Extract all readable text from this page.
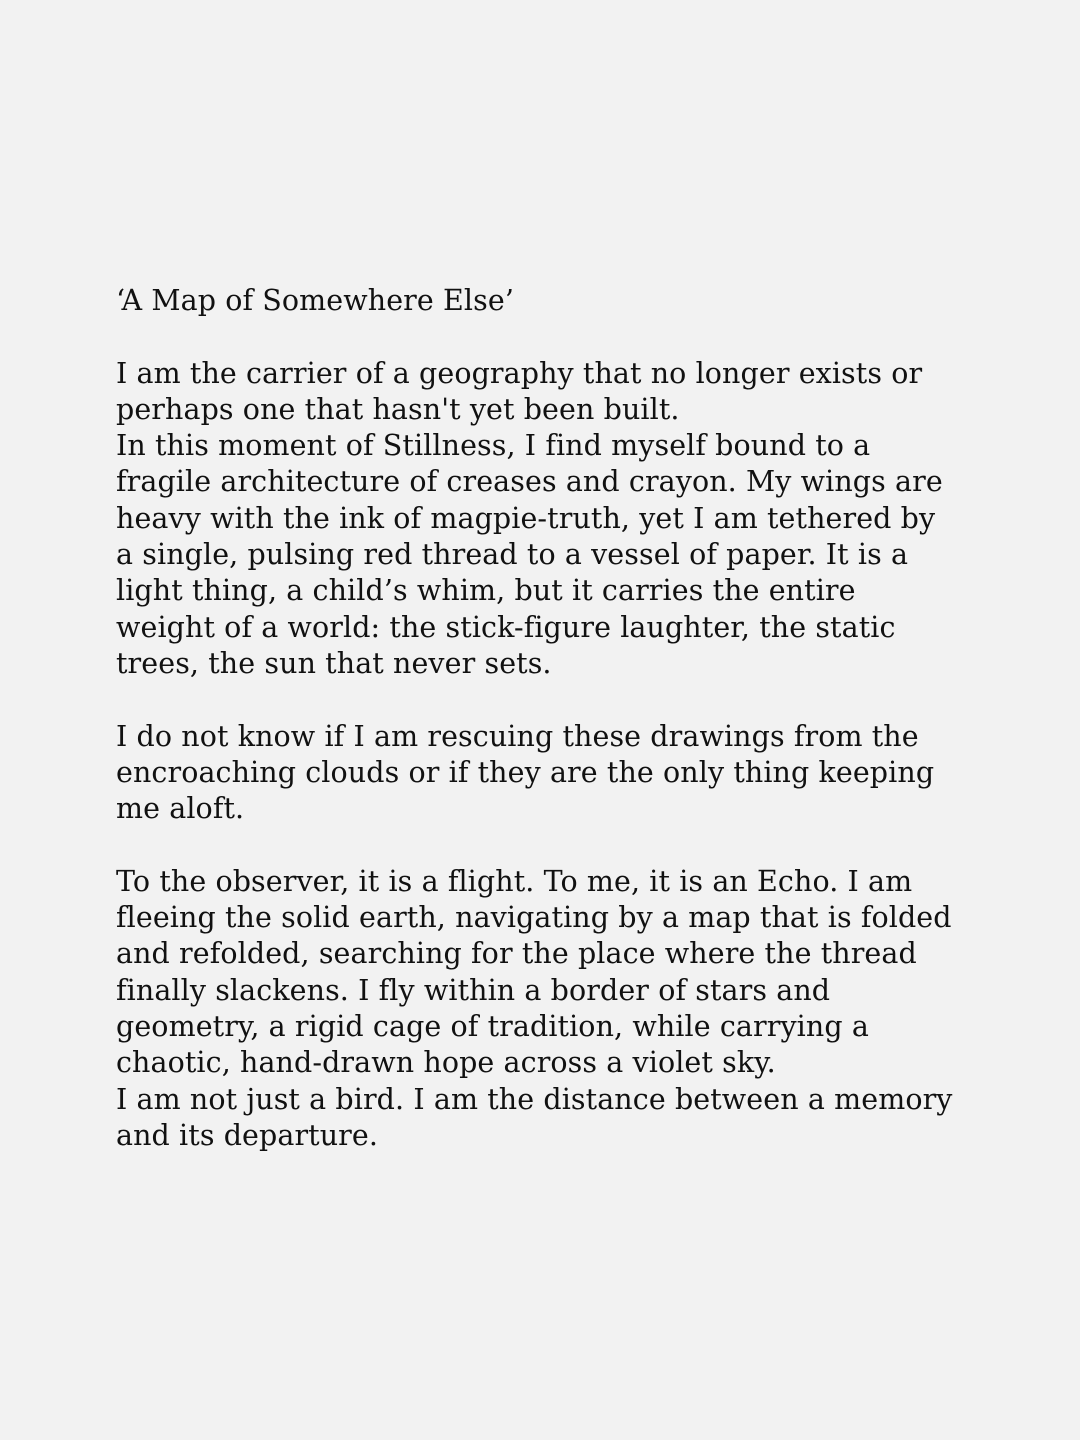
‘A Map of Somewhere Else’
I am the carrier of a geography that no longer exists or
perhaps one that hasn't yet been built.
In this moment of Stillness, I find myself bound to a
fragile architecture of creases and crayon. My wings are
heavy with the ink of magpie-truth, yet I am tethered by
a single, pulsing red thread to a vessel of paper. It is a
light thing, a child’s whim, but it carries the entire
weight of a world: the stick-figure laughter, the static
trees, the sun that never sets.
I do not know if I am rescuing these drawings from the
encroaching clouds or if they are the only thing keeping
me aloft.
To the observer, it is a flight. To me, it is an Echo. I am
fleeing the solid earth, navigating by a map that is folded
and refolded, searching for the place where the thread
finally slackens. I fly within a border of stars and
geometry, a rigid cage of tradition, while carrying a
chaotic, hand-drawn hope across a violet sky.
I am not just a bird. I am the distance between a memory
and its departure.
